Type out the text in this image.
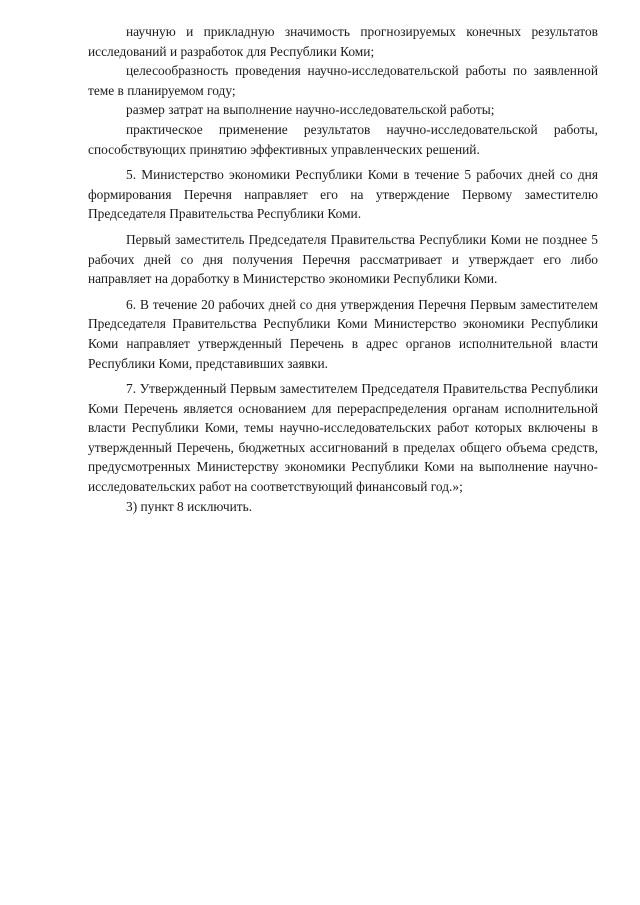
научную и прикладную значимость прогнозируемых конечных результатов исследований и разработок для Республики Коми;

целесообразность проведения научно-исследовательской работы по заявленной теме в планируемом году;

размер затрат на выполнение научно-исследовательской работы;

практическое применение результатов научно-исследовательской работы, способствующих принятию эффективных управленческих решений.

5. Министерство экономики Республики Коми в течение 5 рабочих дней со дня формирования Перечня направляет его на утверждение Первому заместителю Председателя Правительства Республики Коми.

Первый заместитель Председателя Правительства Республики Коми не позднее 5 рабочих дней со дня получения Перечня рассматривает и утверждает его либо направляет на доработку в Министерство экономики Республики Коми.

6. В течение 20 рабочих дней со дня утверждения Перечня Первым заместителем Председателя Правительства Республики Коми Министерство экономики Республики Коми направляет утвержденный Перечень в адрес органов исполнительной власти Республики Коми, представивших заявки.

7. Утвержденный Первым заместителем Председателя Правительства Республики Коми Перечень является основанием для перераспределения органам исполнительной власти Республики Коми, темы научно-исследовательских работ которых включены в утвержденный Перечень, бюджетных ассигнований в пределах общего объема средств, предусмотренных Министерству экономики Республики Коми на выполнение научно-исследовательских работ на соответствующий финансовый год.»;

3) пункт 8 исключить.
